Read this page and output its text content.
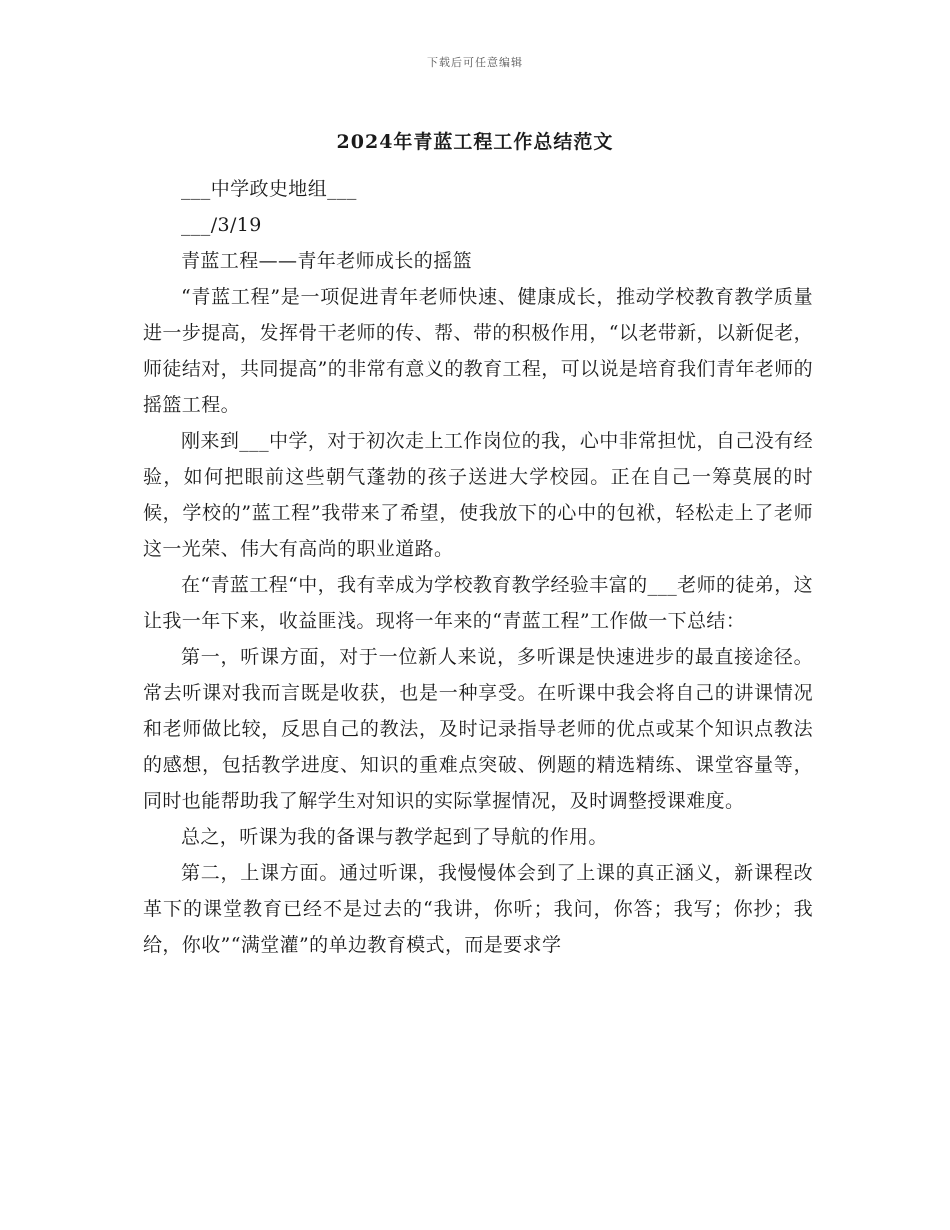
下载后可任意编辑
2024年青蓝工程工作总结范文

___中学政史地组___

___/3/19

青蓝工程——青年老师成长的摇篮

“青蓝工程”是一项促进青年老师快速、健康成长，推动学校教育教学质量进一步提高，发挥骨干老师的传、帮、带的积极作用，“以老带新，以新促老，师徒结对，共同提高”的非常有意义的教育工程，可以说是培育我们青年老师的摇篮工程。

刚来到___中学，对于初次走上工作岗位的我，心中非常担忧，自己没有经验，如何把眼前这些朝气蓬勃的孩子送进大学校园。正在自己一筹莫展的时候，学校的”蓝工程”我带来了希望，使我放下的心中的包袱，轻松走上了老师这一光荣、伟大有高尚的职业道路。

在“青蓝工程“中，我有幸成为学校教育教学经验丰富的___老师的徒弟，这让我一年下来，收益匪浅。现将一年来的“青蓝工程”工作做一下总结：

第一，听课方面，对于一位新人来说，多听课是快速进步的最直接途径。常去听课对我而言既是收获，也是一种享受。在听课中我会将自己的讲课情况和老师做比较，反思自己的教法，及时记录指导老师的优点或某个知识点教法的感想，包括教学进度、知识的重难点突破、例题的精选精练、课堂容量等，同时也能帮助我了解学生对知识的实际掌握情况，及时调整授课难度。

总之，听课为我的备课与教学起到了导航的作用。

第二，上课方面。通过听课，我慢慢体会到了上课的真正涵义，新课程改革下的课堂教育已经不是过去的“我讲，你听；我问，你答；我写；你抄；我给，你收”“满堂灌”的单边教育模式，而是要求学
